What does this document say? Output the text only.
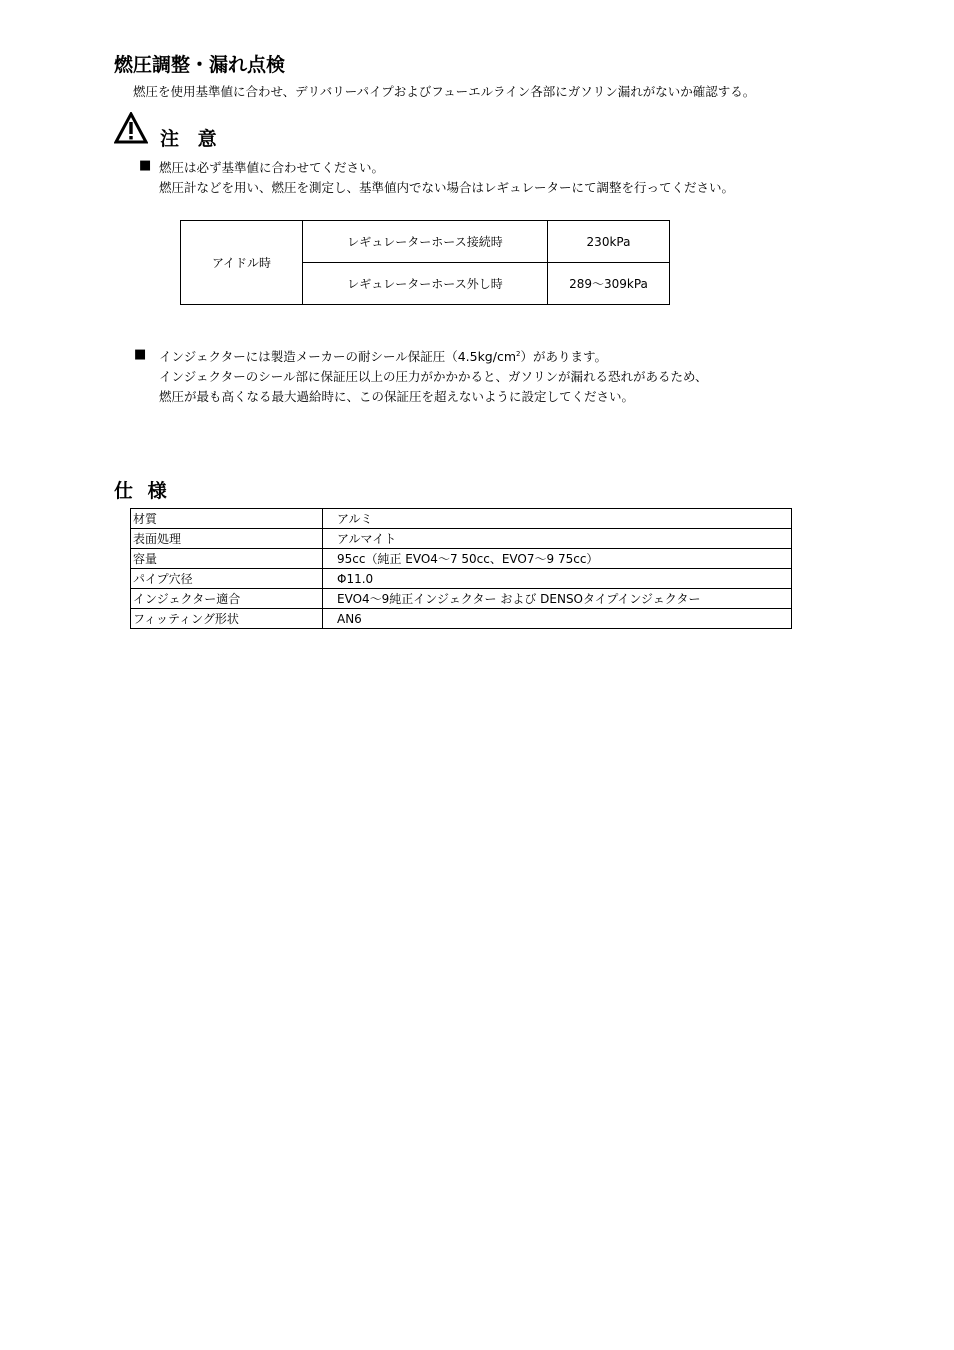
燃圧調整・漏れ点検
燃圧を使用基準値に合わせ、デリバリーパイプおよびフューエルライン各部にガソリン漏れがないか確認する。
注 意
■ 燃圧は必ず基準値に合わせてください。
燃圧計などを用い、燃圧を測定し、基準値内でない場合はレギュレーターにて調整を行ってください。
アイドル時	レギュレーターホース接続時	230kPa
	レギュレーターホース外し時	289〜309kPa
■ インジェクターには製造メーカーの耐シール保証圧$(4.5kg/cm^2)$があります。
インジェクターのシール部に保証圧以上の圧力がかかかると、ガソリンが漏れる恐れがあるため、
燃圧が最も高くなる最大過給時に、この保証圧を超えないように設定してください。
仕 様
材質	アルミ
表面処理	アルマイト
容量	95cc（純正 EVO4〜7 50cc、EVO7〜9 75cc）
パイプ穴径	Φ11.0
インジェクター適合	EVO4〜9純正インジェクター および DENSOタイプインジェクター
フィッティング形状	AN6
